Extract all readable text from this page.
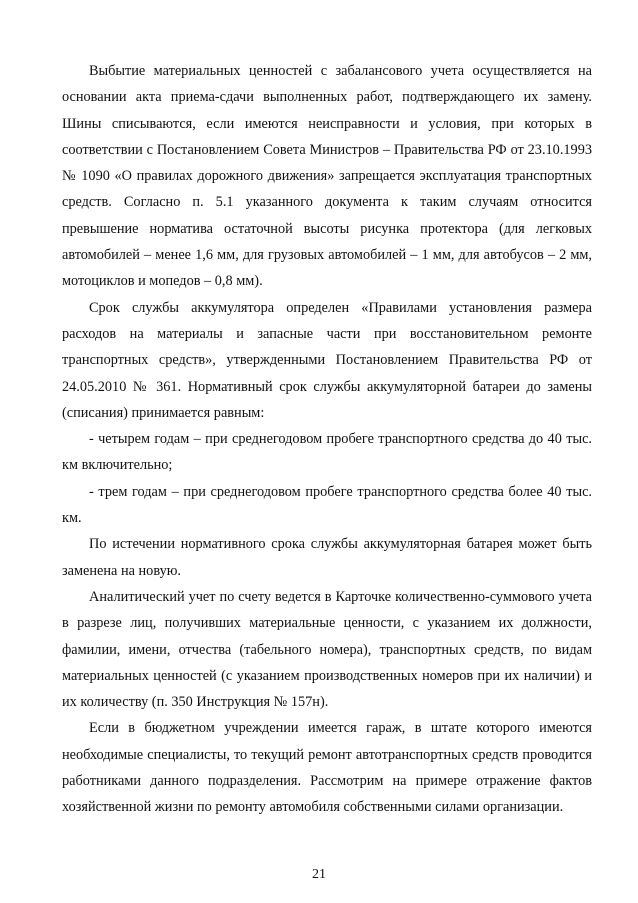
Выбытие материальных ценностей с забалансового учета осуществляется на основании акта приема-сдачи выполненных работ, подтверждающего их замену. Шины списываются, если имеются неисправности и условия, при которых в соответствии с Постановлением Совета Министров – Правительства РФ от 23.10.1993 № 1090 «О правилах дорожного движения» запрещается эксплуатация транспортных средств. Согласно п. 5.1 указанного документа к таким случаям относится превышение норматива остаточной высоты рисунка протектора (для легковых автомобилей – менее 1,6 мм, для грузовых автомобилей – 1 мм, для автобусов – 2 мм, мотоциклов и мопедов – 0,8 мм).

Срок службы аккумулятора определен «Правилами установления размера расходов на материалы и запасные части при восстановительном ремонте транспортных средств», утвержденными Постановлением Правительства РФ от 24.05.2010 № 361. Нормативный срок службы аккумуляторной батареи до замены (списания) принимается равным:

- четырем годам – при среднегодовом пробеге транспортного средства до 40 тыс. км включительно;

- трем годам – при среднегодовом пробеге транспортного средства более 40 тыс. км.

По истечении нормативного срока службы аккумуляторная батарея может быть заменена на новую.

Аналитический учет по счету ведется в Карточке количественно-суммового учета в разрезе лиц, получивших материальные ценности, с указанием их должности, фамилии, имени, отчества (табельного номера), транспортных средств, по видам материальных ценностей (с указанием производственных номеров при их наличии) и их количеству (п. 350 Инструкция № 157н).

Если в бюджетном учреждении имеется гараж, в штате которого имеются необходимые специалисты, то текущий ремонт автотранспортных средств проводится работниками данного подразделения. Рассмотрим на примере отражение фактов хозяйственной жизни по ремонту автомобиля собственными силами организации.

21
